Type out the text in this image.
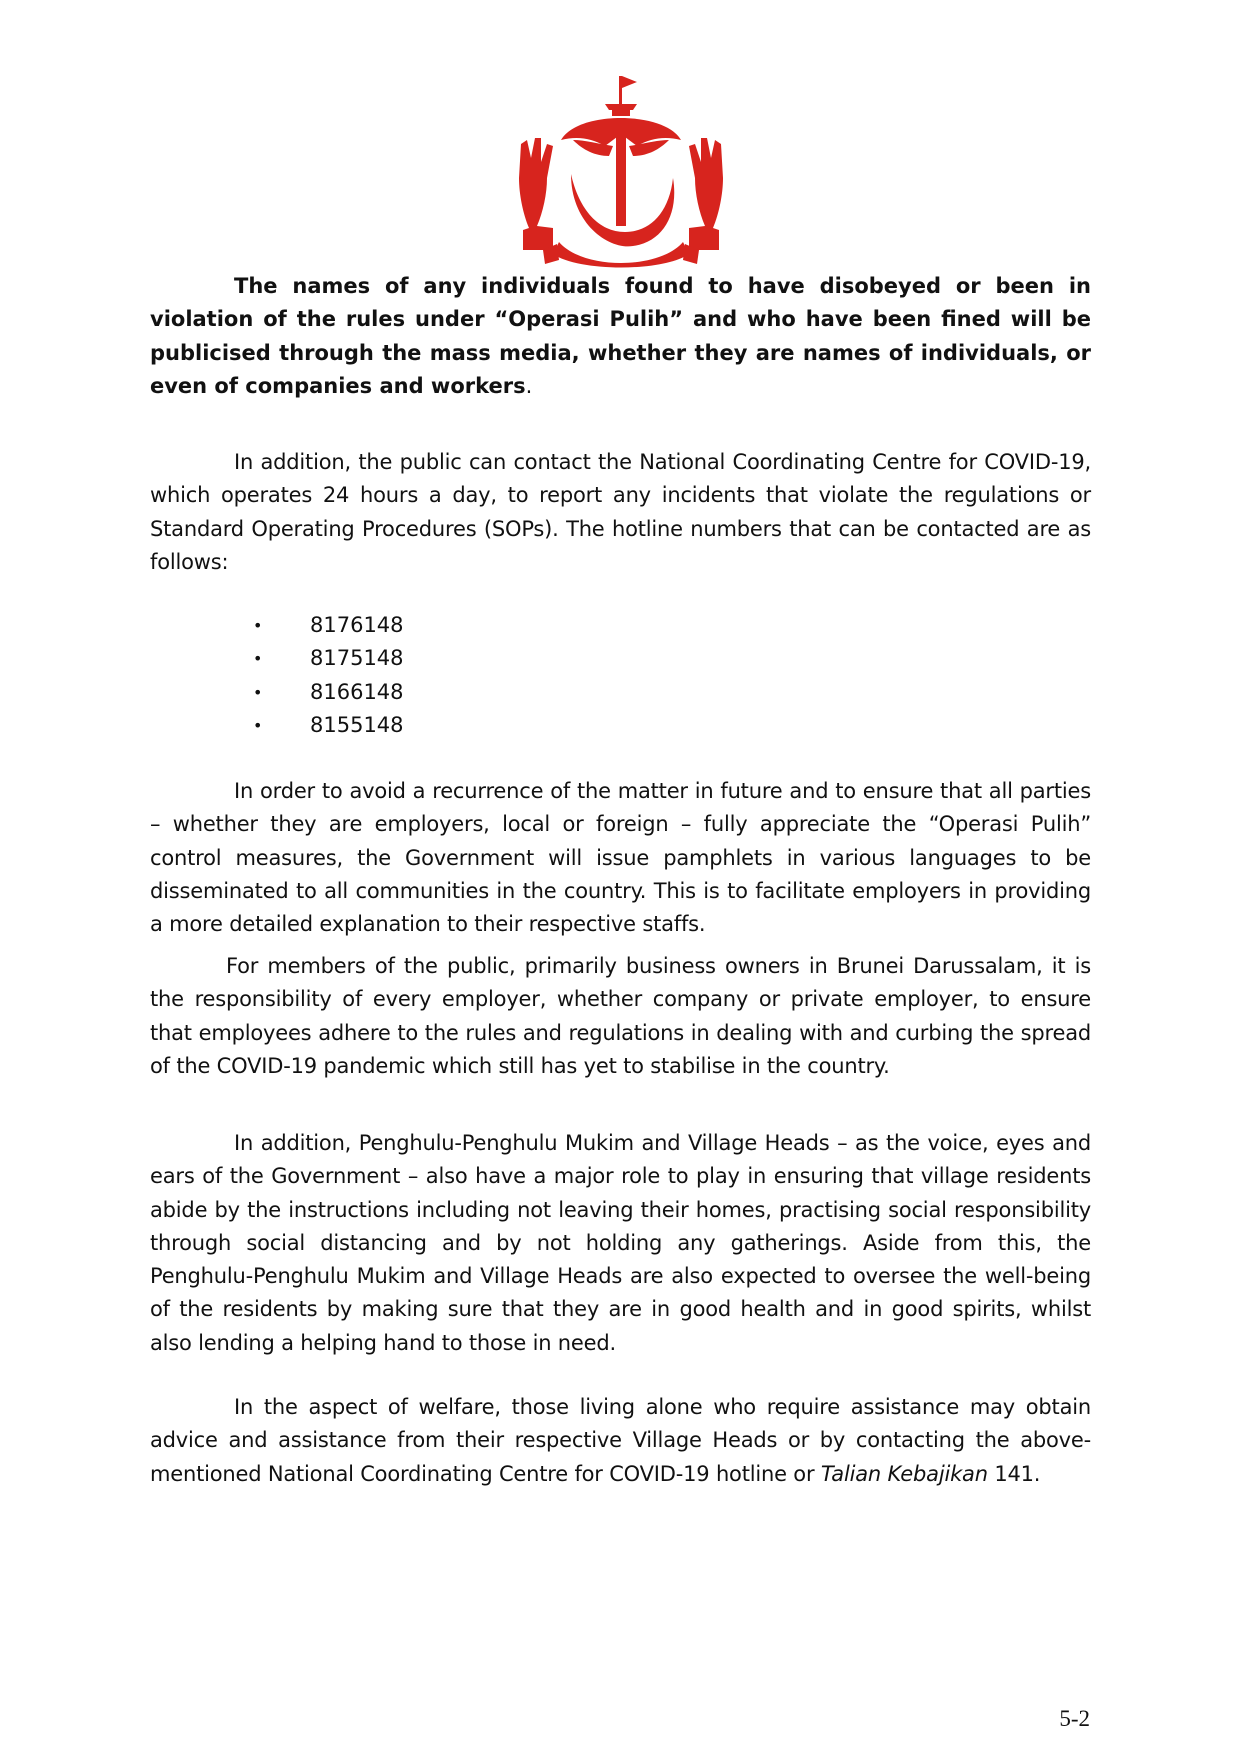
The names of any individuals found to have disobeyed or been in violation of the rules under “Operasi Pulih” and who have been fined will be publicised through the mass media, whether they are names of individuals, or even of companies and workers.

In addition, the public can contact the National Coordinating Centre for COVID-19, which operates 24 hours a day, to report any incidents that violate the regulations or Standard Operating Procedures (SOPs). The hotline numbers that can be contacted are as follows:

• 8176148
• 8175148
• 8166148
• 8155148

In order to avoid a recurrence of the matter in future and to ensure that all parties – whether they are employers, local or foreign – fully appreciate the “Operasi Pulih” control measures, the Government will issue pamphlets in various languages to be disseminated to all communities in the country. This is to facilitate employers in providing a more detailed explanation to their respective staffs.

For members of the public, primarily business owners in Brunei Darussalam, it is the responsibility of every employer, whether company or private employer, to ensure that employees adhere to the rules and regulations in dealing with and curbing the spread of the COVID-19 pandemic which still has yet to stabilise in the country.

In addition, Penghulu-Penghulu Mukim and Village Heads – as the voice, eyes and ears of the Government – also have a major role to play in ensuring that village residents abide by the instructions including not leaving their homes, practising social responsibility through social distancing and by not holding any gatherings. Aside from this, the Penghulu-Penghulu Mukim and Village Heads are also expected to oversee the well-being of the residents by making sure that they are in good health and in good spirits, whilst also lending a helping hand to those in need.

In the aspect of welfare, those living alone who require assistance may obtain advice and assistance from their respective Village Heads or by contacting the above-mentioned National Coordinating Centre for COVID-19 hotline or Talian Kebajikan 141.

5-2
